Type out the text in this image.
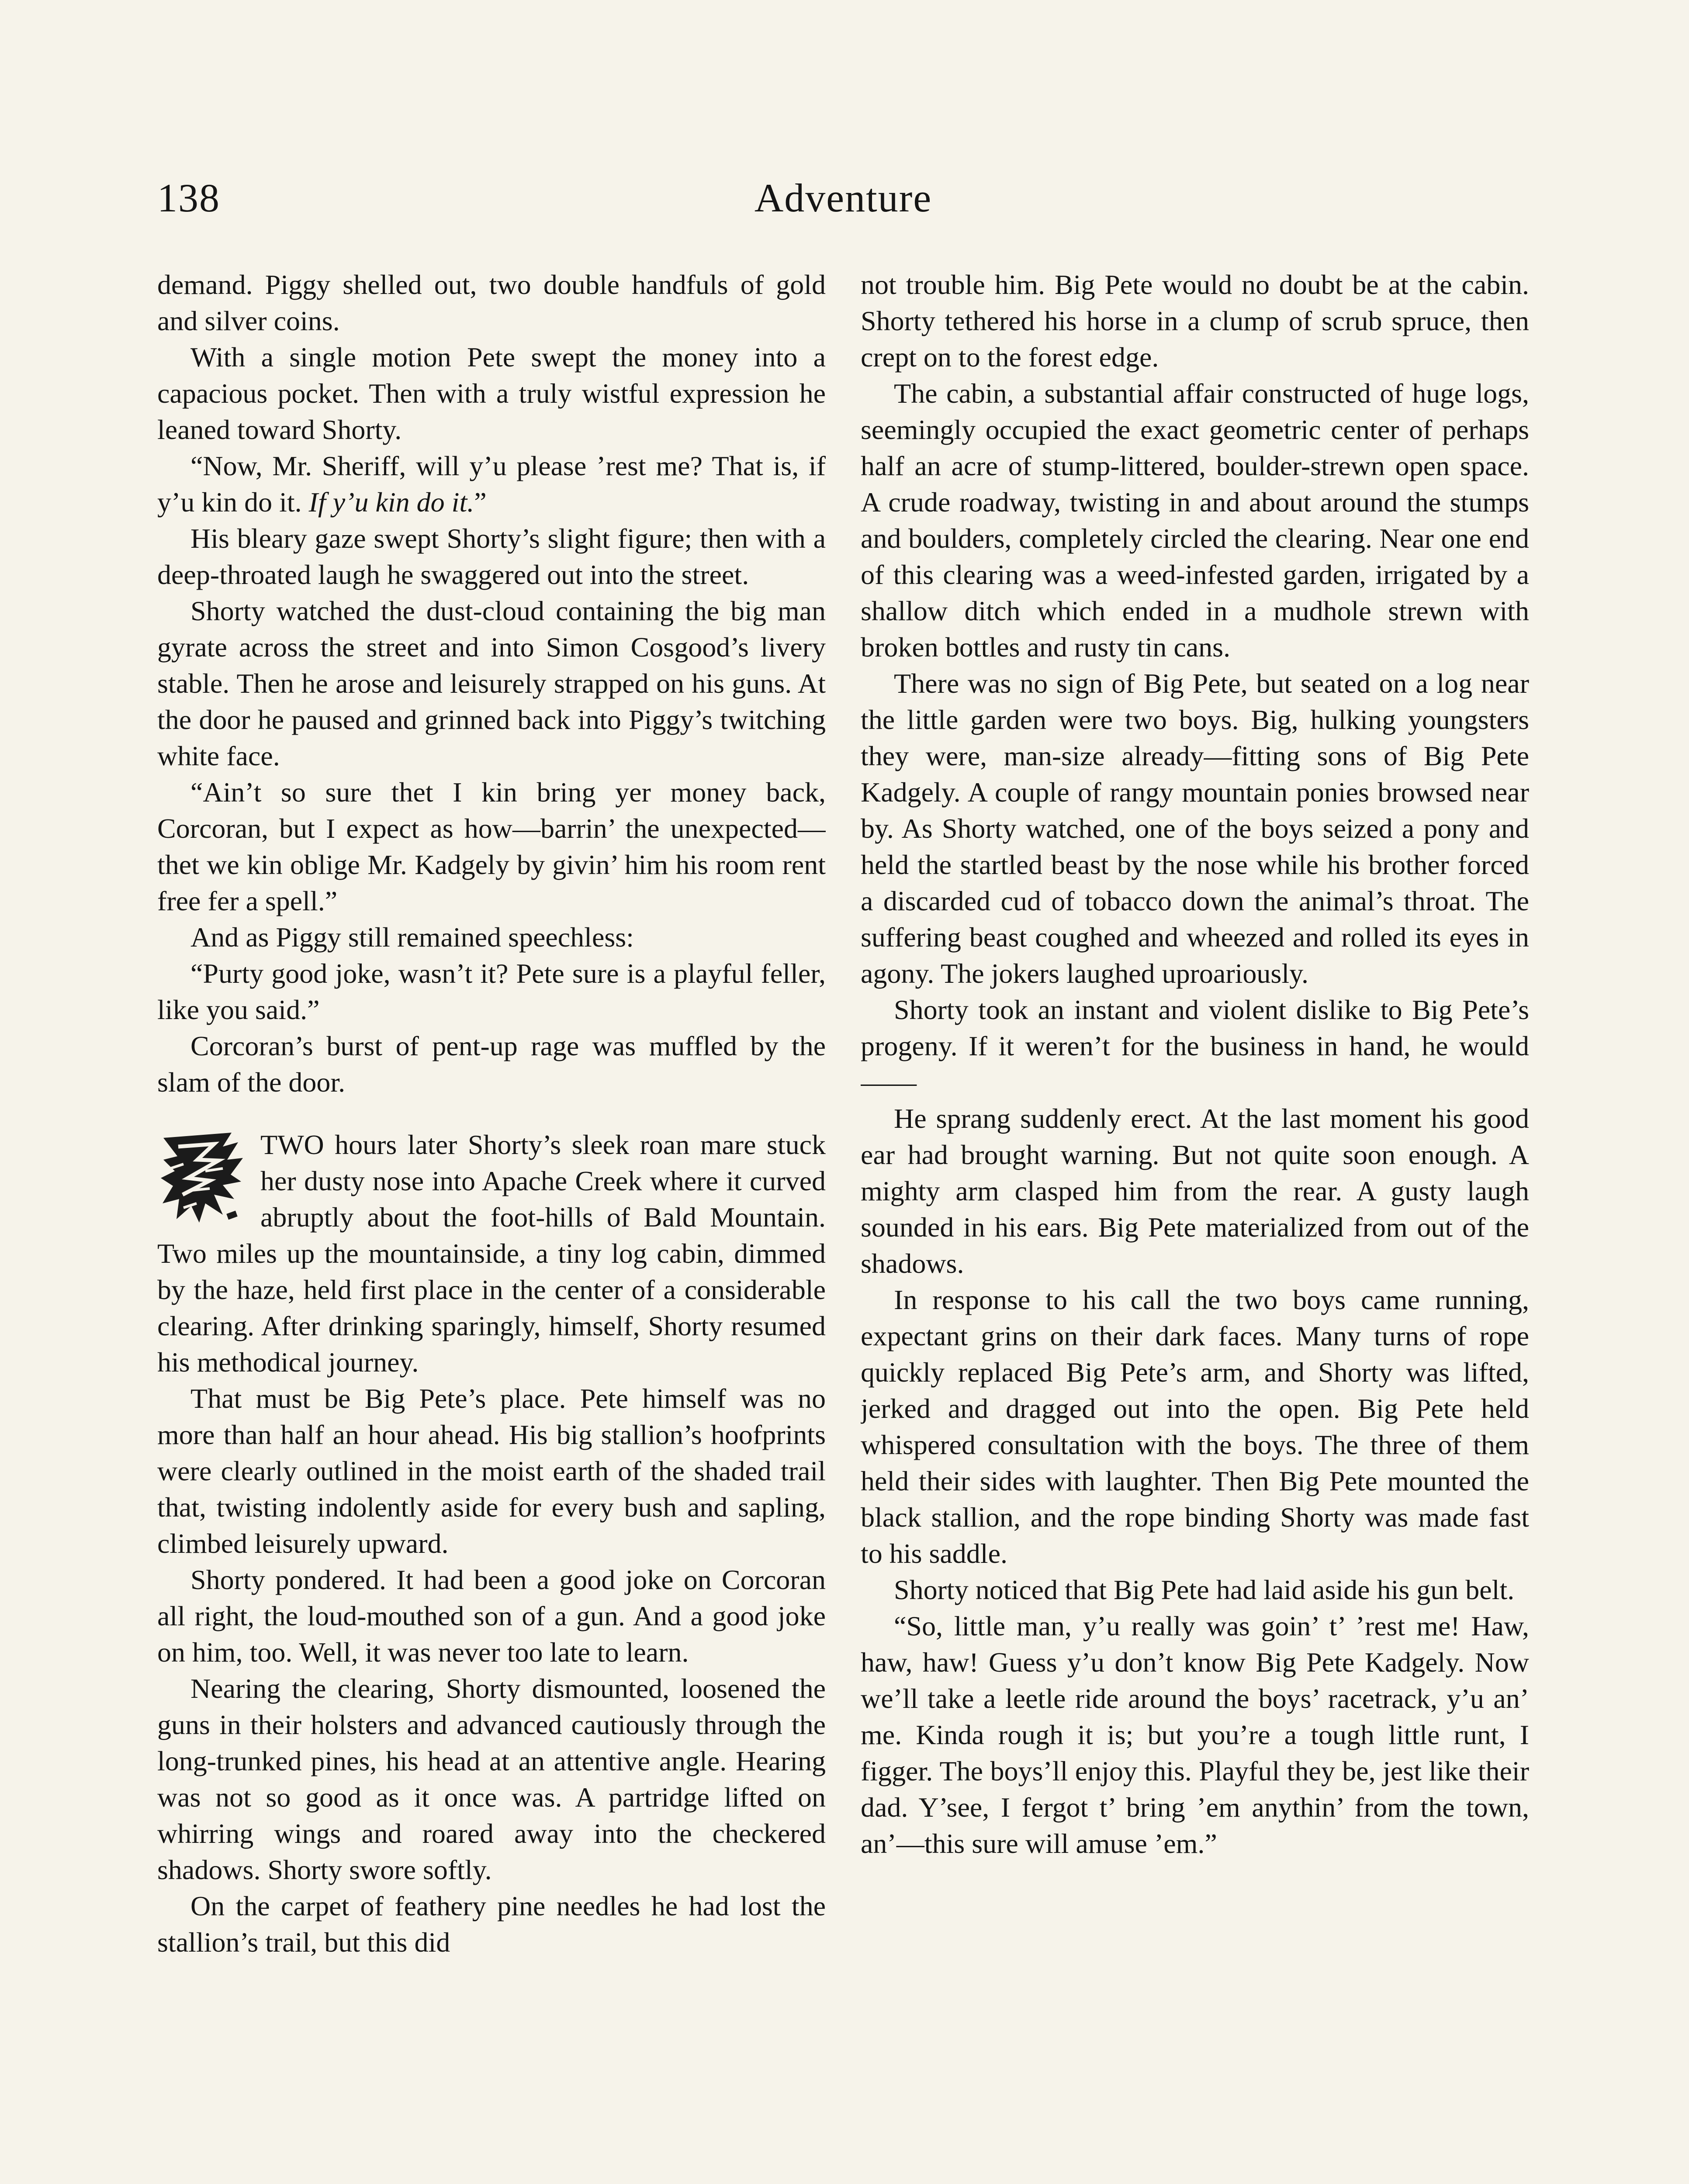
138	Adventure

demand. Piggy shelled out, two double handfuls of gold and silver coins.

With a single motion Pete swept the money into a capacious pocket. Then with a truly wistful expression he leaned toward Shorty.

“Now, Mr. Sheriff, will y’u please ’rest me? That is, if y’u kin do it. If y’u kin do it.”

His bleary gaze swept Shorty’s slight figure; then with a deep-throated laugh he swaggered out into the street.

Shorty watched the dust-cloud containing the big man gyrate across the street and into Simon Cosgood’s livery stable. Then he arose and leisurely strapped on his guns. At the door he paused and grinned back into Piggy’s twitching white face.

“Ain’t so sure thet I kin bring yer money back, Corcoran, but I expect as how—barrin’ the unexpected—thet we kin oblige Mr. Kadgely by givin’ him his room rent free fer a spell.”

And as Piggy still remained speechless:

“Purty good joke, wasn’t it? Pete sure is a playful feller, like you said.”

Corcoran’s burst of pent-up rage was muffled by the slam of the door.

TWO hours later Shorty’s sleek roan mare stuck her dusty nose into Apache Creek where it curved abruptly about the foot-hills of Bald Mountain. Two miles up the mountainside, a tiny log cabin, dimmed by the haze, held first place in the center of a considerable clearing. After drinking sparingly, himself, Shorty resumed his methodical journey.

That must be Big Pete’s place. Pete himself was no more than half an hour ahead. His big stallion’s hoofprints were clearly outlined in the moist earth of the shaded trail that, twisting indolently aside for every bush and sapling, climbed leisurely upward.

Shorty pondered. It had been a good joke on Corcoran all right, the loud-mouthed son of a gun. And a good joke on him, too. Well, it was never too late to learn.

Nearing the clearing, Shorty dismounted, loosened the guns in their holsters and advanced cautiously through the long-trunked pines, his head at an attentive angle. Hearing was not so good as it once was. A partridge lifted on whirring wings and roared away into the checkered shadows. Shorty swore softly.

On the carpet of feathery pine needles he had lost the stallion’s trail, but this did

not trouble him. Big Pete would no doubt be at the cabin. Shorty tethered his horse in a clump of scrub spruce, then crept on to the forest edge.

The cabin, a substantial affair constructed of huge logs, seemingly occupied the exact geometric center of perhaps half an acre of stump-littered, boulder-strewn open space. A crude roadway, twisting in and about around the stumps and boulders, completely circled the clearing. Near one end of this clearing was a weed-infested garden, irrigated by a shallow ditch which ended in a mudhole strewn with broken bottles and rusty tin cans.

There was no sign of Big Pete, but seated on a log near the little garden were two boys. Big, hulking youngsters they were, man-size already—fitting sons of Big Pete Kadgely. A couple of rangy mountain ponies browsed near by. As Shorty watched, one of the boys seized a pony and held the startled beast by the nose while his brother forced a discarded cud of tobacco down the animal’s throat. The suffering beast coughed and wheezed and rolled its eyes in agony. The jokers laughed uproariously.

Shorty took an instant and violent dislike to Big Pete’s progeny. If it weren’t for the business in hand, he would——

He sprang suddenly erect. At the last moment his good ear had brought warning. But not quite soon enough. A mighty arm clasped him from the rear. A gusty laugh sounded in his ears. Big Pete materialized from out of the shadows.

In response to his call the two boys came running, expectant grins on their dark faces. Many turns of rope quickly replaced Big Pete’s arm, and Shorty was lifted, jerked and dragged out into the open. Big Pete held whispered consultation with the boys. The three of them held their sides with laughter. Then Big Pete mounted the black stallion, and the rope binding Shorty was made fast to his saddle.

Shorty noticed that Big Pete had laid aside his gun belt.

“So, little man, y’u really was goin’ t’ ’rest me! Haw, haw, haw! Guess y’u don’t know Big Pete Kadgely. Now we’ll take a leetle ride around the boys’ racetrack, y’u an’ me. Kinda rough it is; but you’re a tough little runt, I figger. The boys’ll enjoy this. Playful they be, jest like their dad. Y’see, I fergot t’ bring ’em anythin’ from the town, an’—this sure will amuse ’em.”
